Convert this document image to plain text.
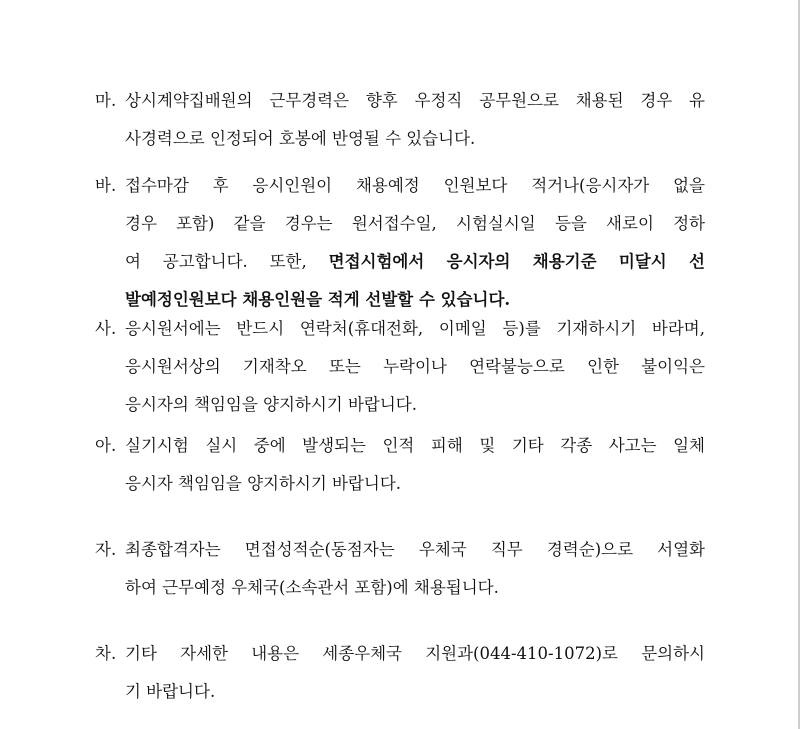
마. 상시계약집배원의 근무경력은 향후 우정직 공무원으로 채용된 경우 유
사경력으로 인정되어 호봉에 반영될 수 있습니다.
바. 접수마감 후 응시인원이 채용예정 인원보다 적거나(응시자가 없을
경우 포함) 같을 경우는 원서접수일, 시험실시일 등을 새로이 정하
여 공고합니다. 또한, 면접시험에서 응시자의 채용기준 미달시 선
발예정인원보다 채용인원을 적게 선발할 수 있습니다.
사. 응시원서에는 반드시 연락처(휴대전화, 이메일 등)를 기재하시기 바라며,
응시원서상의 기재착오 또는 누락이나 연락불능으로 인한 불이익은
응시자의 책임임을 양지하시기 바랍니다.
아. 실기시험 실시 중에 발생되는 인적 피해 및 기타 각종 사고는 일체
응시자 책임임을 양지하시기 바랍니다.
자. 최종합격자는 면접성적순(동점자는 우체국 직무 경력순)으로 서열화
하여 근무예정 우체국(소속관서 포함)에 채용됩니다.
차. 기타 자세한 내용은 세종우체국 지원과(044-410-1072)로 문의하시
기 바랍니다.
